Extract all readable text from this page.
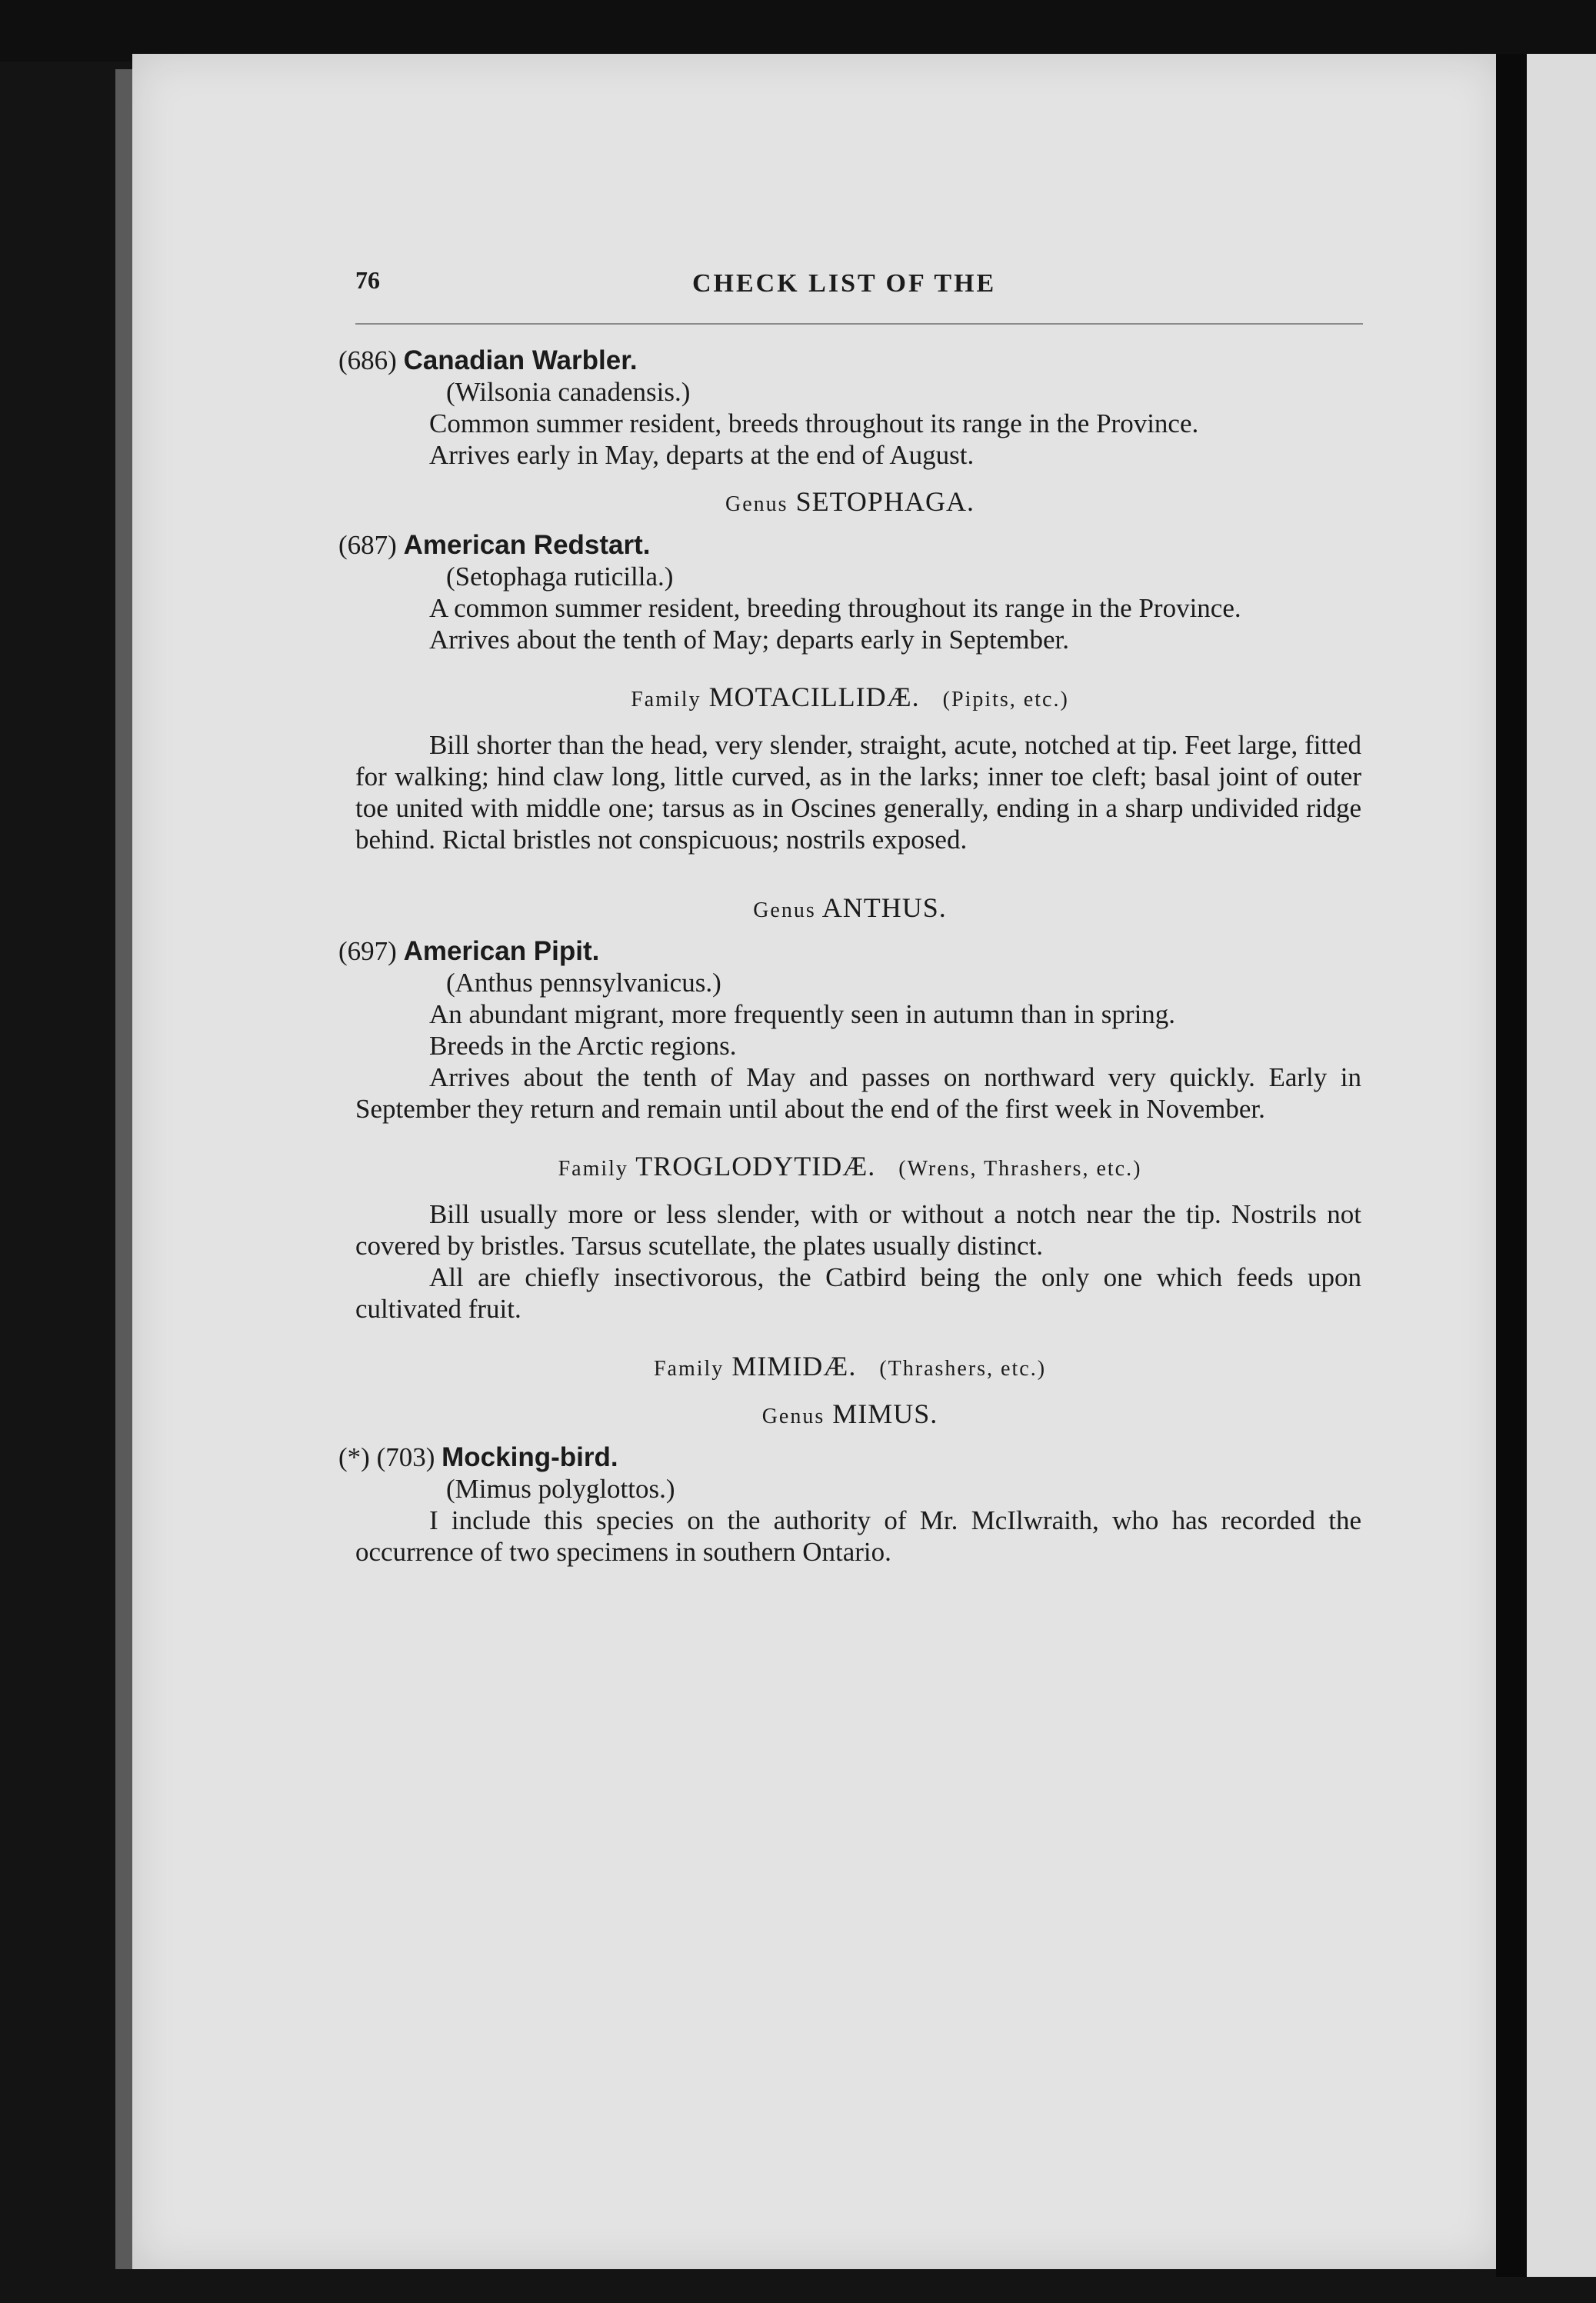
76	CHECK LIST OF THE

(686) Canadian Warbler.

(Wilsonia canadensis.)

Common summer resident, breeds throughout its range in the Province.

Arrives early in May, departs at the end of August.

Genus SETOPHAGA.

(687) American Redstart.

(Setophaga ruticilla.)

A common summer resident, breeding throughout its range in the Province.

Arrives about the tenth of May; departs early in September.

Family MOTACILLIDÆ. (Pipits, etc.)

Bill shorter than the head, very slender, straight, acute, notched at tip. Feet large, fitted for walking; hind claw long, little curved, as in the larks; inner toe cleft; basal joint of outer toe united with middle one; tarsus as in Oscines generally, ending in a sharp undivided ridge behind. Rictal bristles not conspicuous; nostrils exposed.

Genus ANTHUS.

(697) American Pipit.

(Anthus pennsylvanicus.)

An abundant migrant, more frequently seen in autumn than in spring.

Breeds in the Arctic regions.

Arrives about the tenth of May and passes on northward very quickly. Early in September they return and remain until about the end of the first week in November.

Family TROGLODYTIDÆ. (Wrens, Thrashers, etc.)

Bill usually more or less slender, with or without a notch near the tip. Nostrils not covered by bristles. Tarsus scutellate, the plates usually distinct.

All are chiefly insectivorous, the Catbird being the only one which feeds upon cultivated fruit.

Family MIMIDÆ. (Thrashers, etc.)

Genus MIMUS.

(*) (703) Mocking-bird.

(Mimus polyglottos.)

I include this species on the authority of Mr. McIlwraith, who has recorded the occurrence of two specimens in southern Ontario.
